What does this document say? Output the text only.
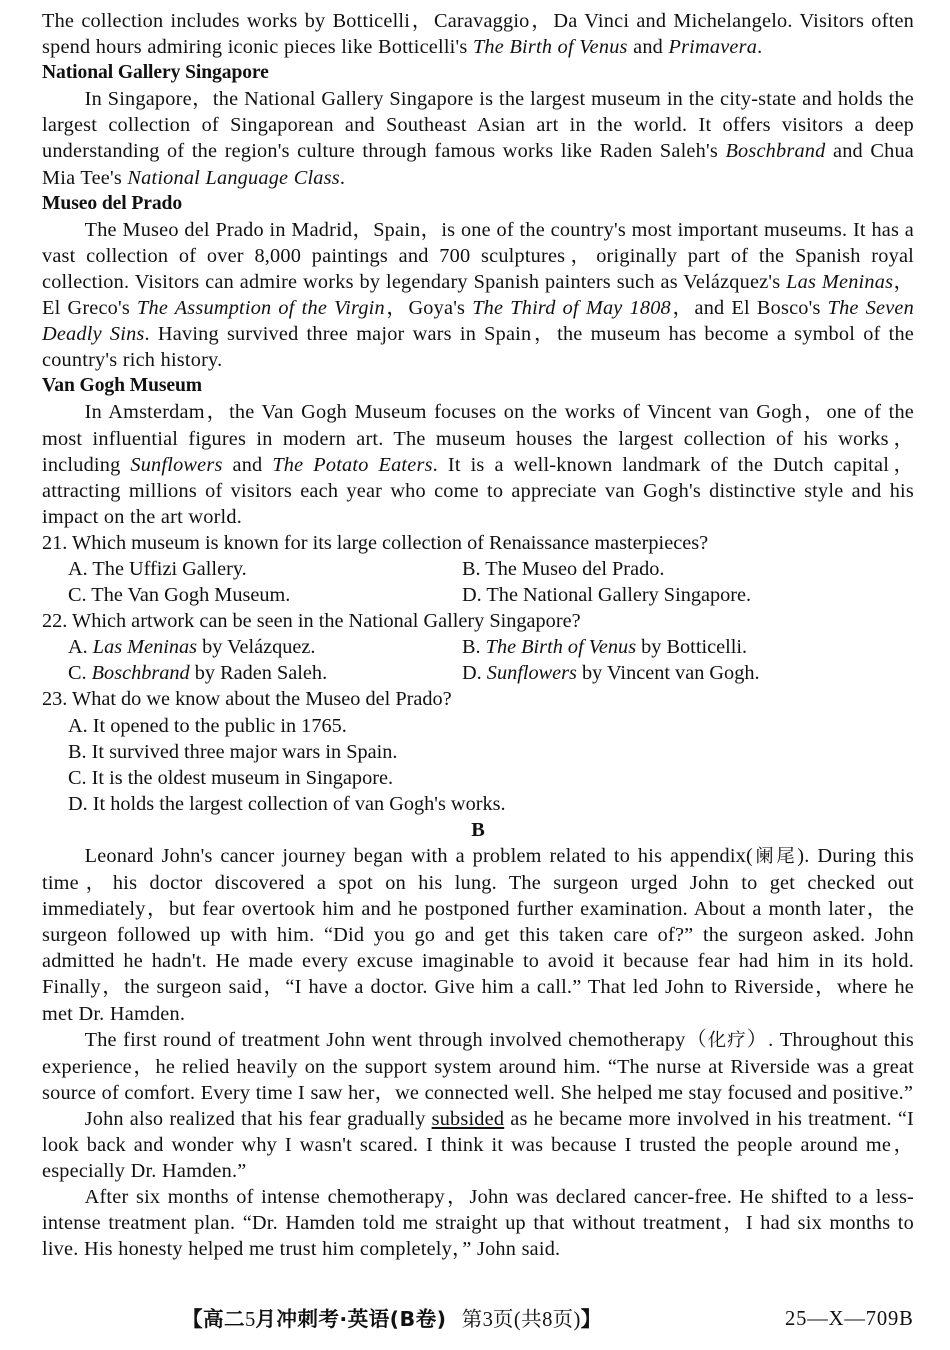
The collection includes works by Botticelli，Caravaggio，Da Vinci and Michelangelo. Visitors often spend hours admiring iconic pieces like Botticelli's The Birth of Venus and Primavera.

National Gallery Singapore

In Singapore，the National Gallery Singapore is the largest museum in the city-state and holds the largest collection of Singaporean and Southeast Asian art in the world. It offers visitors a deep understanding of the region's culture through famous works like Raden Saleh's Boschbrand and Chua Mia Tee's National Language Class.

Museo del Prado

The Museo del Prado in Madrid，Spain，is one of the country's most important museums. It has a vast collection of over 8,000 paintings and 700 sculptures，originally part of the Spanish royal collection. Visitors can admire works by legendary Spanish painters such as Velázquez's Las Meninas，El Greco's The Assumption of the Virgin，Goya's The Third of May 1808，and El Bosco's The Seven Deadly Sins. Having survived three major wars in Spain，the museum has become a symbol of the country's rich history.

Van Gogh Museum

In Amsterdam，the Van Gogh Museum focuses on the works of Vincent van Gogh，one of the most influential figures in modern art. The museum houses the largest collection of his works，including Sunflowers and The Potato Eaters. It is a well-known landmark of the Dutch capital，attracting millions of visitors each year who come to appreciate van Gogh's distinctive style and his impact on the art world.

21. Which museum is known for its large collection of Renaissance masterpieces?

A. The Uffizi Gallery.	B. The Museo del Prado.
C. The Van Gogh Museum.	D. The National Gallery Singapore.

22. Which artwork can be seen in the National Gallery Singapore?

A. Las Meninas by Velázquez.	B. The Birth of Venus by Botticelli.
C. Boschbrand by Raden Saleh.	D. Sunflowers by Vincent van Gogh.

23. What do we know about the Museo del Prado?

A. It opened to the public in 1765.

B. It survived three major wars in Spain.

C. It is the oldest museum in Singapore.

D. It holds the largest collection of van Gogh's works.

B

Leonard John's cancer journey began with a problem related to his appendix(阑尾). During this time，his doctor discovered a spot on his lung. The surgeon urged John to get checked out immediately，but fear overtook him and he postponed further examination. About a month later，the surgeon followed up with him. “Did you go and get this taken care of?” the surgeon asked. John admitted he hadn't. He made every excuse imaginable to avoid it because fear had him in its hold. Finally，the surgeon said，“I have a doctor. Give him a call.” That led John to Riverside，where he met Dr. Hamden.

The first round of treatment John went through involved chemotherapy（化疗）. Throughout this experience，he relied heavily on the support system around him. “The nurse at Riverside was a great source of comfort. Every time I saw her，we connected well. She helped me stay focused and positive.”

John also realized that his fear gradually subsided as he became more involved in his treatment. “I look back and wonder why I wasn't scared. I think it was because I trusted the people around me，especially Dr. Hamden.”

After six months of intense chemotherapy，John was declared cancer-free. He shifted to a less-intense treatment plan. “Dr. Hamden told me straight up that without treatment，I had six months to live. His honesty helped me trust him completely，” John said.

【高二5月冲刺考·英语(B卷) 第3页(共8页)】	25—X—709B
